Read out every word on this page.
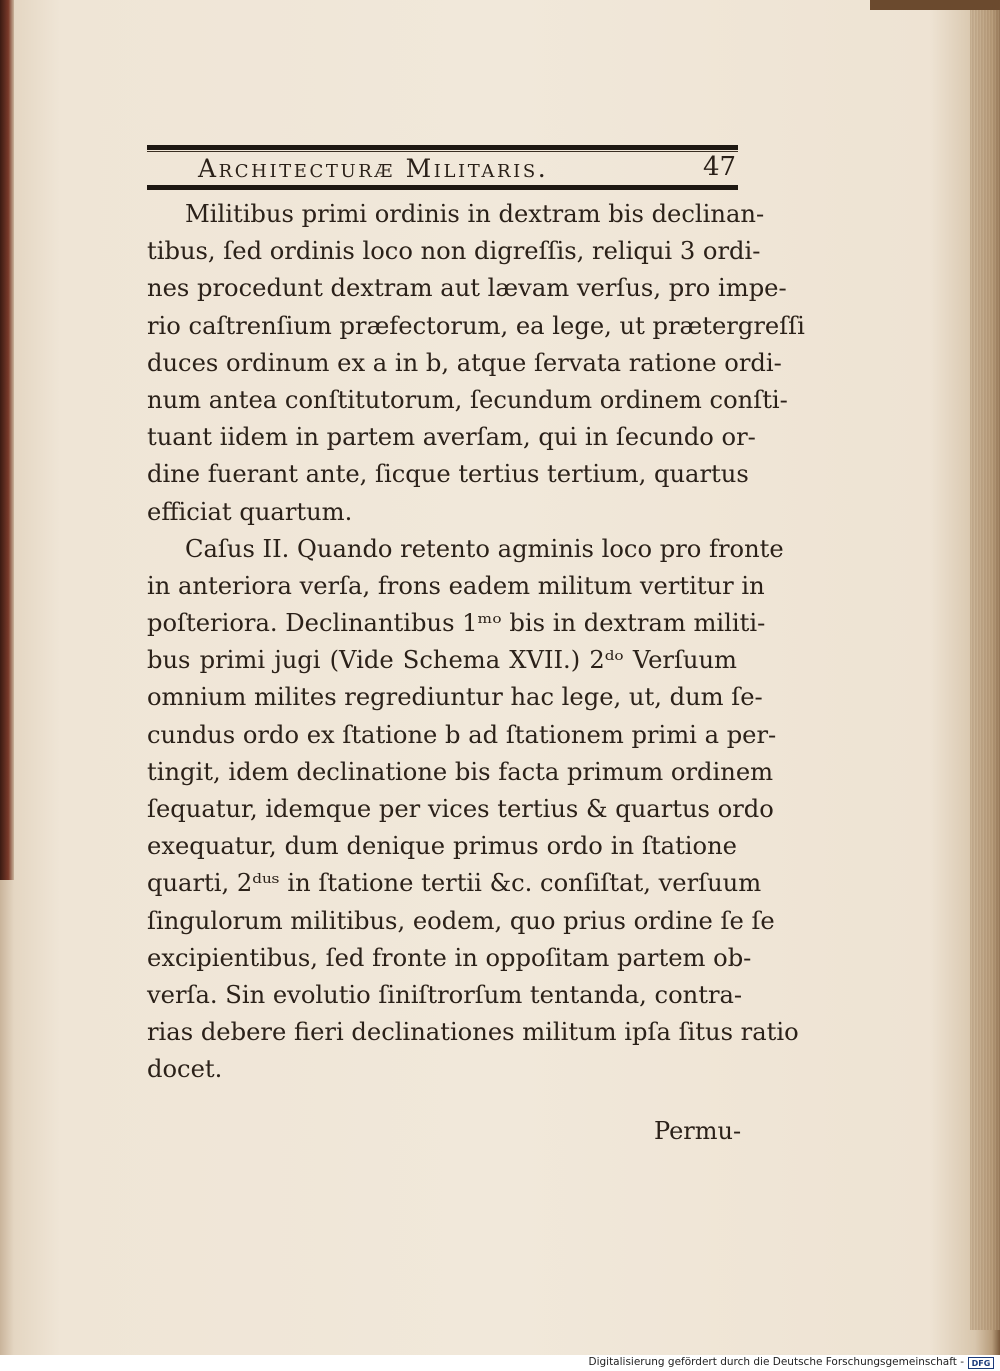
Architecturæ Militaris.	47
Militibus primi ordinis in dextram bis declinan-
tibus, ſed ordinis loco non digreſſis, reliqui 3 ordi-
nes procedunt dextram aut lævam verſus, pro impe-
rio caſtrenſium præfectorum, ea lege, ut prætergreſſi
duces ordinum ex a in b, atque ſervata ratione ordi-
num antea conſtitutorum, ſecundum ordinem conſti-
tuant iidem in partem averſam, qui in ſecundo or-
dine fuerant ante, ſicque tertius tertium, quartus
efficiat quartum.
Caſus II. Quando retento agminis loco pro fronte
in anteriora verſa, frons eadem militum vertitur in
poſteriora. Declinantibus 1ᵐᵒ bis in dextram militi-
bus primi jugi (Vide Schema XVII.) 2ᵈᵒ Verſuum
omnium milites regrediuntur hac lege, ut, dum ſe-
cundus ordo ex ſtatione b ad ſtationem primi a per-
tingit, idem declinatione bis facta primum ordinem
ſequatur, idemque per vices tertius & quartus ordo
exequatur, dum denique primus ordo in ſtatione
quarti, 2ᵈᵘˢ in ſtatione tertii &c. conſiſtat, verſuum
ſingulorum militibus, eodem, quo prius ordine ſe ſe
excipientibus, ſed fronte in oppoſitam partem ob-
verſa. Sin evolutio ſiniſtrorſum tentanda, contra-
rias debere fieri declinationes militum ipſa ſitus ratio
docet.
Permu-
Digitalisierung gefördert durch die Deutsche Forschungsgemeinschaft - DFG
